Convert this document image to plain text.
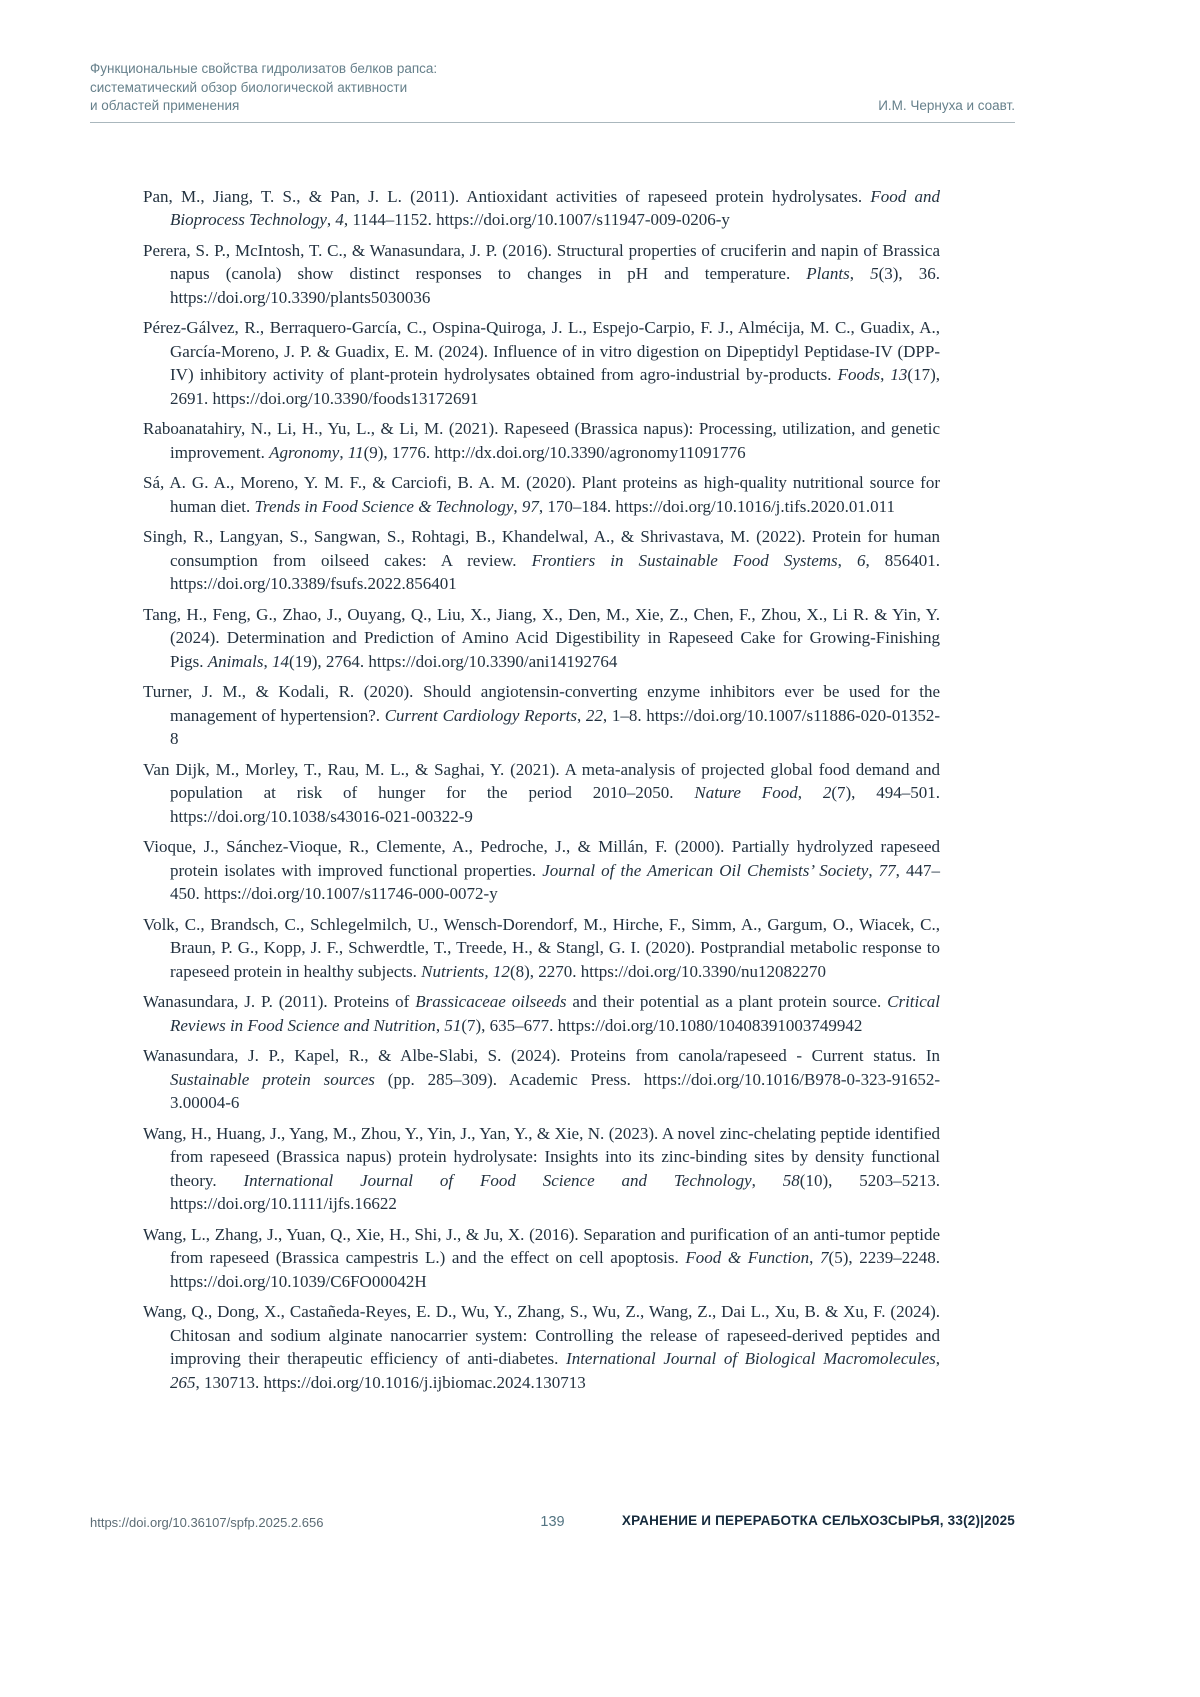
Функциональные свойства гидролизатов белков рапса:
систематический обзор биологической активности
и областей применения	И.М. Чернуха и соавт.

Pan, M., Jiang, T. S., & Pan, J. L. (2011). Antioxidant activities of rapeseed protein hydrolysates. Food and Bioprocess Technology, 4, 1144–1152. https://doi.org/10.1007/s11947-009-0206-y

Perera, S. P., McIntosh, T. C., & Wanasundara, J. P. (2016). Structural properties of cruciferin and napin of Brassica napus (canola) show distinct responses to changes in pH and temperature. Plants, 5(3), 36. https://doi.org/10.3390/plants5030036

Pérez-Gálvez, R., Berraquero-García, C., Ospina-Quiroga, J. L., Espejo-Carpio, F. J., Almécija, M. C., Guadix, A., García-Moreno, J. P. & Guadix, E. M. (2024). Influence of in vitro digestion on Dipeptidyl Peptidase-IV (DPP-IV) inhibitory activity of plant-protein hydrolysates obtained from agro-industrial by-products. Foods, 13(17), 2691. https://doi.org/10.3390/foods13172691

Raboanatahiry, N., Li, H., Yu, L., & Li, M. (2021). Rapeseed (Brassica napus): Processing, utilization, and genetic improvement. Agronomy, 11(9), 1776. http://dx.doi.org/10.3390/agronomy11091776

Sá, A. G. A., Moreno, Y. M. F., & Carciofi, B. A. M. (2020). Plant proteins as high-quality nutritional source for human diet. Trends in Food Science & Technology, 97, 170–184. https://doi.org/10.1016/j.tifs.2020.01.011

Singh, R., Langyan, S., Sangwan, S., Rohtagi, B., Khandelwal, A., & Shrivastava, M. (2022). Protein for human consumption from oilseed cakes: A review. Frontiers in Sustainable Food Systems, 6, 856401. https://doi.org/10.3389/fsufs.2022.856401

Tang, H., Feng, G., Zhao, J., Ouyang, Q., Liu, X., Jiang, X., Den, M., Xie, Z., Chen, F., Zhou, X., Li R. & Yin, Y. (2024). Determination and Prediction of Amino Acid Digestibility in Rapeseed Cake for Growing-Finishing Pigs. Animals, 14(19), 2764. https://doi.org/10.3390/ani14192764

Turner, J. M., & Kodali, R. (2020). Should angiotensin-converting enzyme inhibitors ever be used for the management of hypertension?. Current Cardiology Reports, 22, 1–8. https://doi.org/10.1007/s11886-020-01352-8

Van Dijk, M., Morley, T., Rau, M. L., & Saghai, Y. (2021). A meta-analysis of projected global food demand and population at risk of hunger for the period 2010–2050. Nature Food, 2(7), 494–501. https://doi.org/10.1038/s43016-021-00322-9

Vioque, J., Sánchez-Vioque, R., Clemente, A., Pedroche, J., & Millán, F. (2000). Partially hydrolyzed rapeseed protein isolates with improved functional properties. Journal of the American Oil Chemists’ Society, 77, 447–450. https://doi.org/10.1007/s11746-000-0072-y

Volk, C., Brandsch, C., Schlegelmilch, U., Wensch-Dorendorf, M., Hirche, F., Simm, A., Gargum, O., Wiacek, C., Braun, P. G., Kopp, J. F., Schwerdtle, T., Treede, H., & Stangl, G. I. (2020). Postprandial metabolic response to rapeseed protein in healthy subjects. Nutrients, 12(8), 2270. https://doi.org/10.3390/nu12082270

Wanasundara, J. P. (2011). Proteins of Brassicaceae oilseeds and their potential as a plant protein source. Critical Reviews in Food Science and Nutrition, 51(7), 635–677. https://doi.org/10.1080/10408391003749942

Wanasundara, J. P., Kapel, R., & Albe-Slabi, S. (2024). Proteins from canola/rapeseed - Current status. In Sustainable protein sources (pp. 285–309). Academic Press. https://doi.org/10.1016/B978-0-323-91652-3.00004-6

Wang, H., Huang, J., Yang, M., Zhou, Y., Yin, J., Yan, Y., & Xie, N. (2023). A novel zinc-chelating peptide identified from rapeseed (Brassica napus) protein hydrolysate: Insights into its zinc-binding sites by density functional theory. International Journal of Food Science and Technology, 58(10), 5203–5213. https://doi.org/10.1111/ijfs.16622

Wang, L., Zhang, J., Yuan, Q., Xie, H., Shi, J., & Ju, X. (2016). Separation and purification of an anti-tumor peptide from rapeseed (Brassica campestris L.) and the effect on cell apoptosis. Food & Function, 7(5), 2239–2248. https://doi.org/10.1039/C6FO00042H

Wang, Q., Dong, X., Castañeda-Reyes, E. D., Wu, Y., Zhang, S., Wu, Z., Wang, Z., Dai L., Xu, B. & Xu, F. (2024). Chitosan and sodium alginate nanocarrier system: Controlling the release of rapeseed-derived peptides and improving their therapeutic efficiency of anti-diabetes. International Journal of Biological Macromolecules, 265, 130713. https://doi.org/10.1016/j.ijbiomac.2024.130713

https://doi.org/10.36107/spfp.2025.2.656	139	ХРАНЕНИЕ И ПЕРЕРАБОТКА СЕЛЬХОЗСЫРЬЯ, 33(2)|2025
